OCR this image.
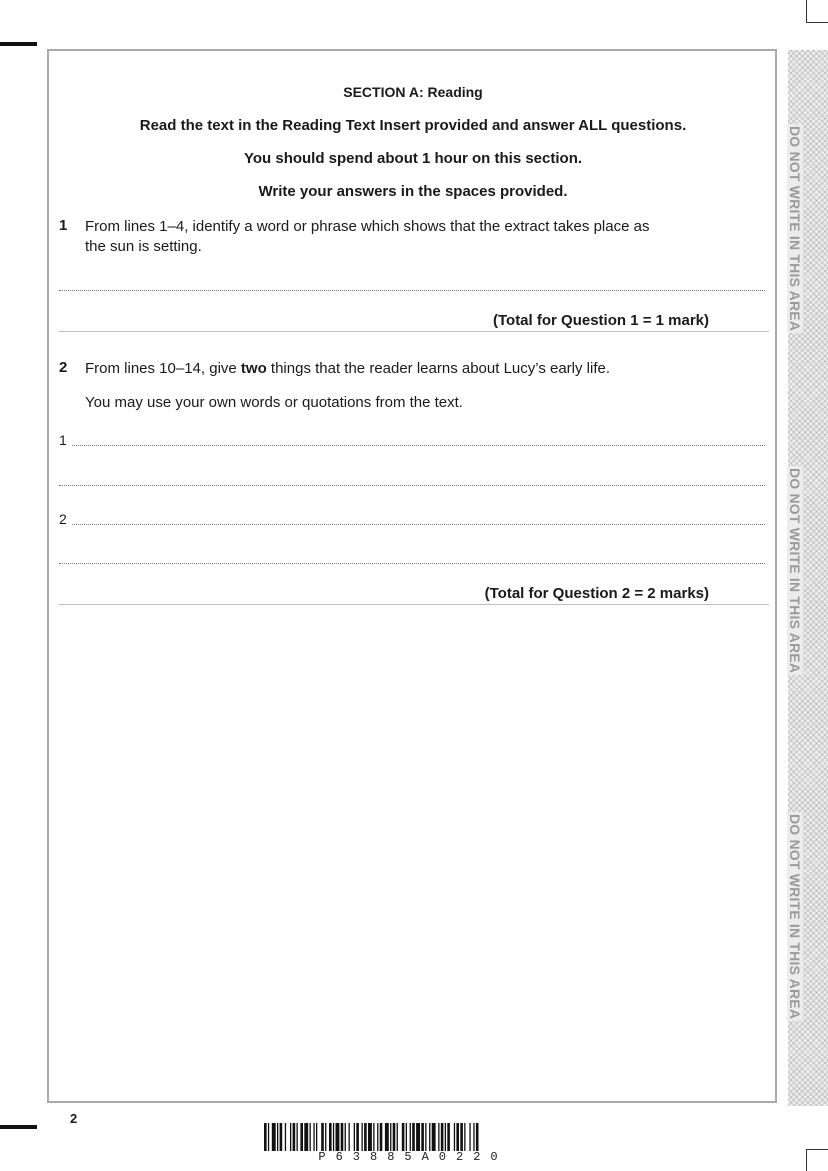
DO NOT WRITE IN THIS AREA
DO NOT WRITE IN THIS AREA
DO NOT WRITE IN THIS AREA
SECTION A: Reading
Read the text in the Reading Text Insert provided and answer ALL questions.
You should spend about 1 hour on this section.
Write your answers in the spaces provided.
1 From lines 1–4, identify a word or phrase which shows that the extract takes place as
the sun is setting.
(Total for Question 1 = 1 mark)
2 From lines 10–14, give two things that the reader learns about Lucy’s early life.
You may use your own words or quotations from the text.
1
2
(Total for Question 2 = 2 marks)
2
P63885A0220
